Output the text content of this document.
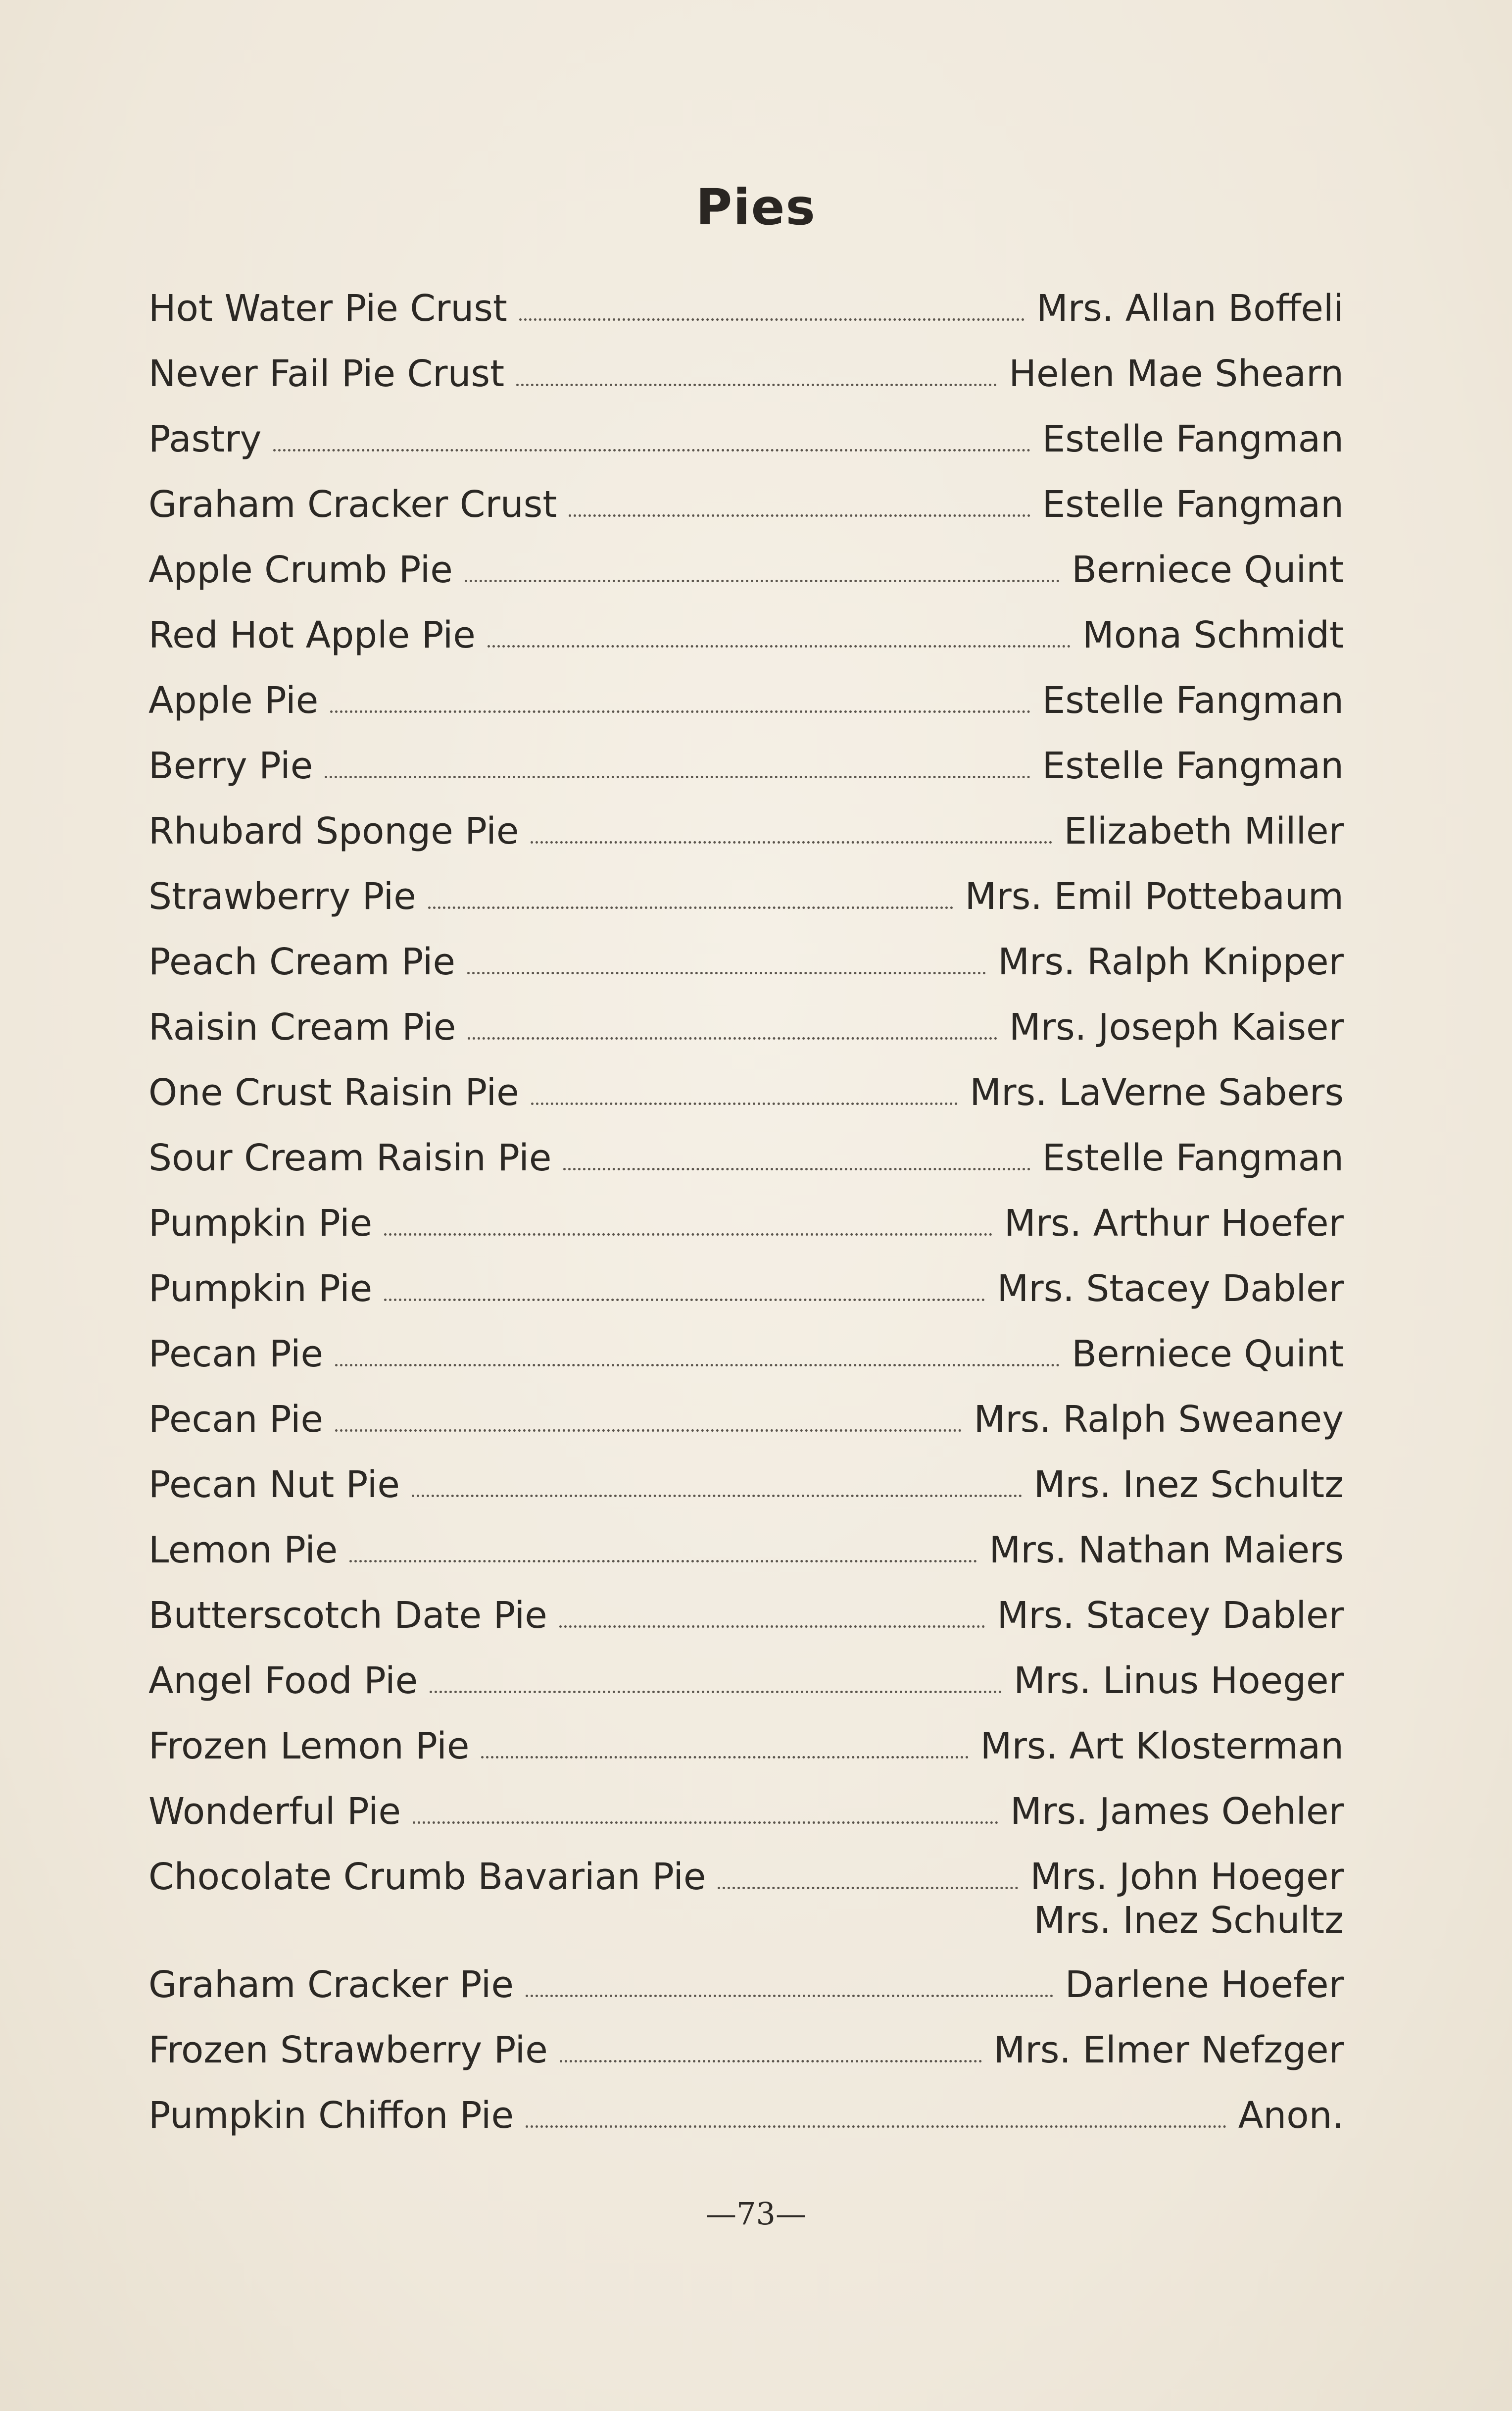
Pies
Hot Water Pie Crust	Mrs. Allan Boffeli
Never Fail Pie Crust	Helen Mae Shearn
Pastry	Estelle Fangman
Graham Cracker Crust	Estelle Fangman
Apple Crumb Pie	Berniece Quint
Red Hot Apple Pie	Mona Schmidt
Apple Pie	Estelle Fangman
Berry Pie	Estelle Fangman
Rhubard Sponge Pie	Elizabeth Miller
Strawberry Pie	Mrs. Emil Pottebaum
Peach Cream Pie	Mrs. Ralph Knipper
Raisin Cream Pie	Mrs. Joseph Kaiser
One Crust Raisin Pie	Mrs. LaVerne Sabers
Sour Cream Raisin Pie	Estelle Fangman
Pumpkin Pie	Mrs. Arthur Hoefer
Pumpkin Pie	Mrs. Stacey Dabler
Pecan Pie	Berniece Quint
Pecan Pie	Mrs. Ralph Sweaney
Pecan Nut Pie	Mrs. Inez Schultz
Lemon Pie	Mrs. Nathan Maiers
Butterscotch Date Pie	Mrs. Stacey Dabler
Angel Food Pie	Mrs. Linus Hoeger
Frozen Lemon Pie	Mrs. Art Klosterman
Wonderful Pie	Mrs. James Oehler
Chocolate Crumb Bavarian Pie	Mrs. John Hoeger
Mrs. Inez Schultz
Graham Cracker Pie	Darlene Hoefer
Frozen Strawberry Pie	Mrs. Elmer Nefzger
Pumpkin Chiffon Pie	Anon.
—73—
